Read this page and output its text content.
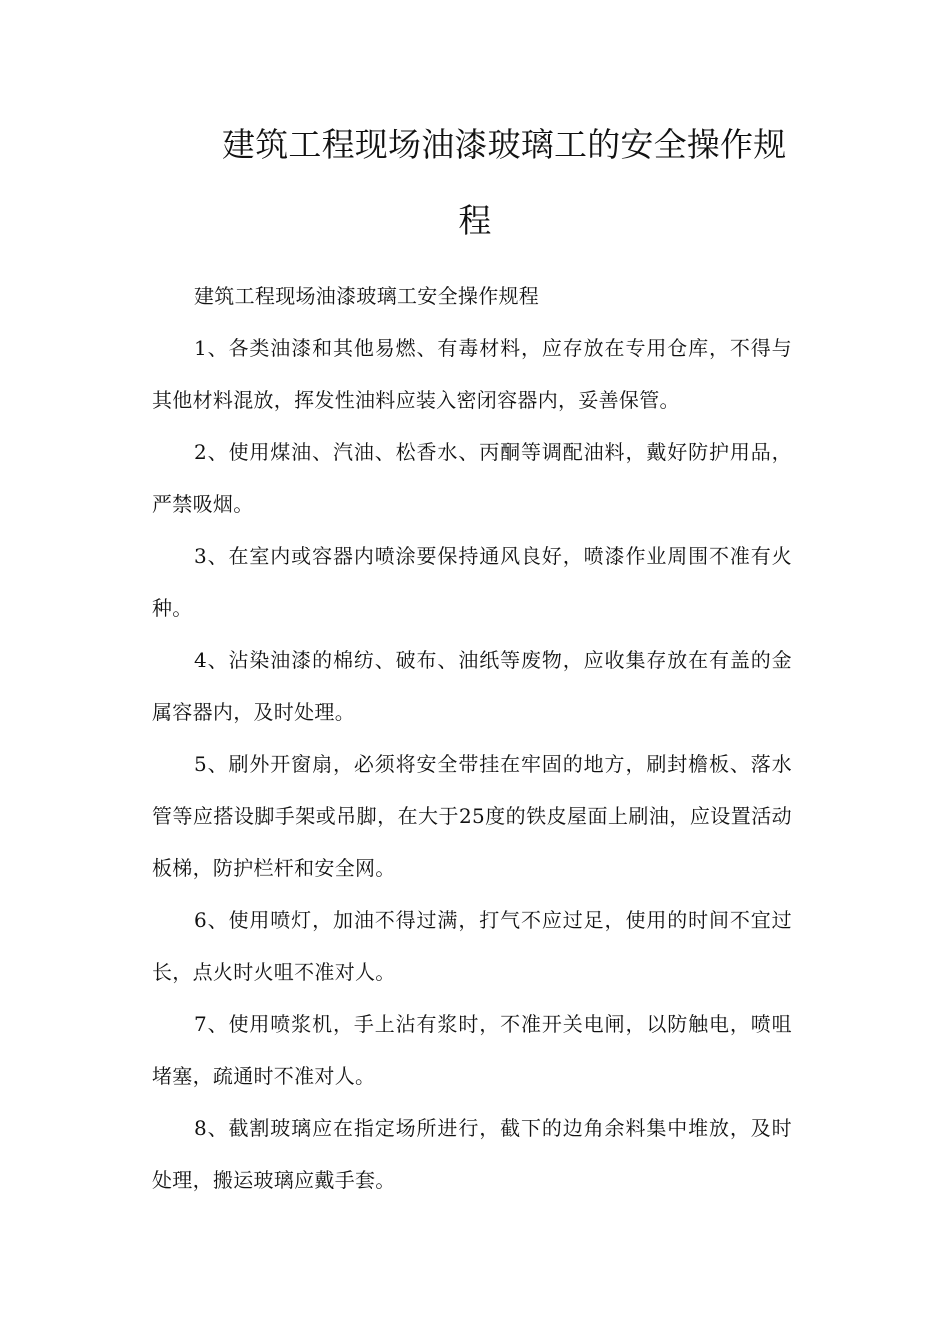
建筑工程现场油漆玻璃工的安全操作规
程

建筑工程现场油漆玻璃工安全操作规程

1、各类油漆和其他易燃、有毒材料，应存放在专用仓库，不得与其他材料混放，挥发性油料应装入密闭容器内，妥善保管。

2、使用煤油、汽油、松香水、丙酮等调配油料，戴好防护用品，严禁吸烟。

3、在室内或容器内喷涂要保持通风良好，喷漆作业周围不准有火种。

4、沾染油漆的棉纺、破布、油纸等废物，应收集存放在有盖的金属容器内，及时处理。

5、刷外开窗扇，必须将安全带挂在牢固的地方，刷封檐板、落水管等应搭设脚手架或吊脚，在大于25度的铁皮屋面上刷油，应设置活动板梯，防护栏杆和安全网。

6、使用喷灯，加油不得过满，打气不应过足，使用的时间不宜过长，点火时火咀不准对人。

7、使用喷浆机，手上沾有浆时，不准开关电闸，以防触电，喷咀堵塞，疏通时不准对人。

8、截割玻璃应在指定场所进行，截下的边角余料集中堆放，及时处理，搬运玻璃应戴手套。
